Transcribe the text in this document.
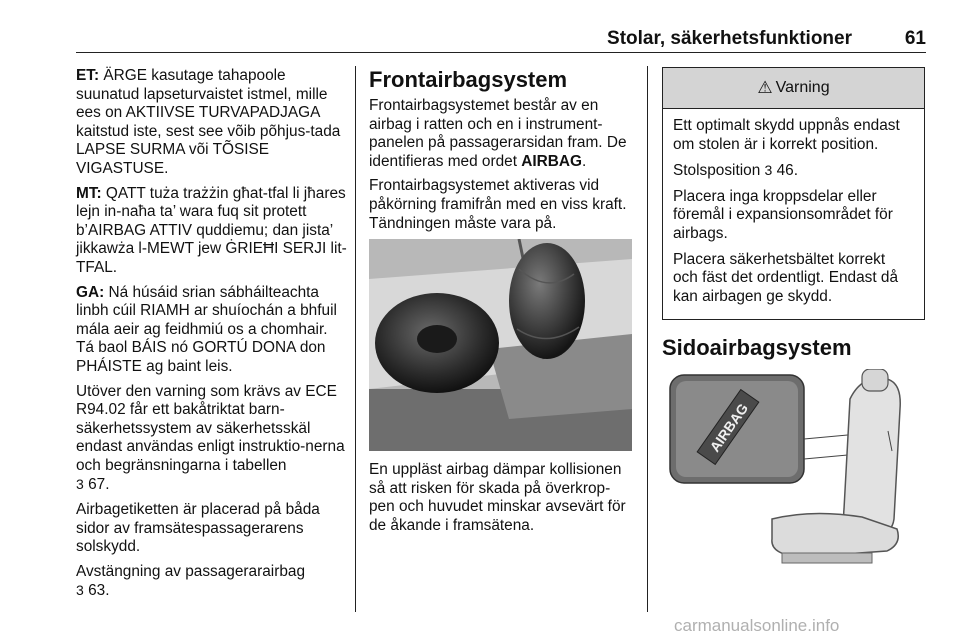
Stolar, säkerhetsfunktioner	61

ET: ÄRGE kasutage tahapoole suunatud lapseturvaistet istmel, mille ees on AKTIIVSE TURVAPADJAGA kaitstud iste, sest see võib põhjus-tada LAPSE SURMA või TÕSISE VIGASTUSE.

MT: QATT tuża trażżin għat-tfal li jħares lejn in-naħa ta’ wara fuq sit protett b’AIRBAG ATTIV quddiemu; dan jista’ jikkawża l-MEWT jew ĠRIEĦI SERJI lit-TFAL.

GA: Ná húsáid srian sábháilteachta linbh cúil RIAMH ar shuíochán a bhfuil mála aeir ag feidhmiú os a chomhair. Tá baol BÁIS nó GORTÚ DONA don PHÁISTE ag baint leis.

Utöver den varning som krävs av ECE R94.02 får ett bakåtriktat barn-säkerhetssystem av säkerhetsskäl endast användas enligt instruktio-nerna och begränsningarna i tabellen
3 67.

Airbagetiketten är placerad på båda sidor av framsätespassagerarens solskydd.

Avstängning av passagerarairbag
3 63.

Frontairbagsystem

Frontairbagsystemet består av en airbag i ratten och en i instrument-panelen på passagerarsidan fram. De identifieras med ordet AIRBAG.

Frontairbagsystemet aktiveras vid påkörning framifrån med en viss kraft. Tändningen måste vara på.

En uppläst airbag dämpar kollisionen så att risken för skada på överkrop-pen och huvudet minskar avsevärt för de åkande i framsätena.

⚠ Varning

Ett optimalt skydd uppnås endast om stolen är i korrekt position.

Stolsposition 3 46.

Placera inga kroppsdelar eller föremål i expansionsområdet för airbags.

Placera säkerhetsbältet korrekt och fäst det ordentligt. Endast då kan airbagen ge skydd.

Sidoairbagsystem
AIRBAG
carmanualsonline.info
